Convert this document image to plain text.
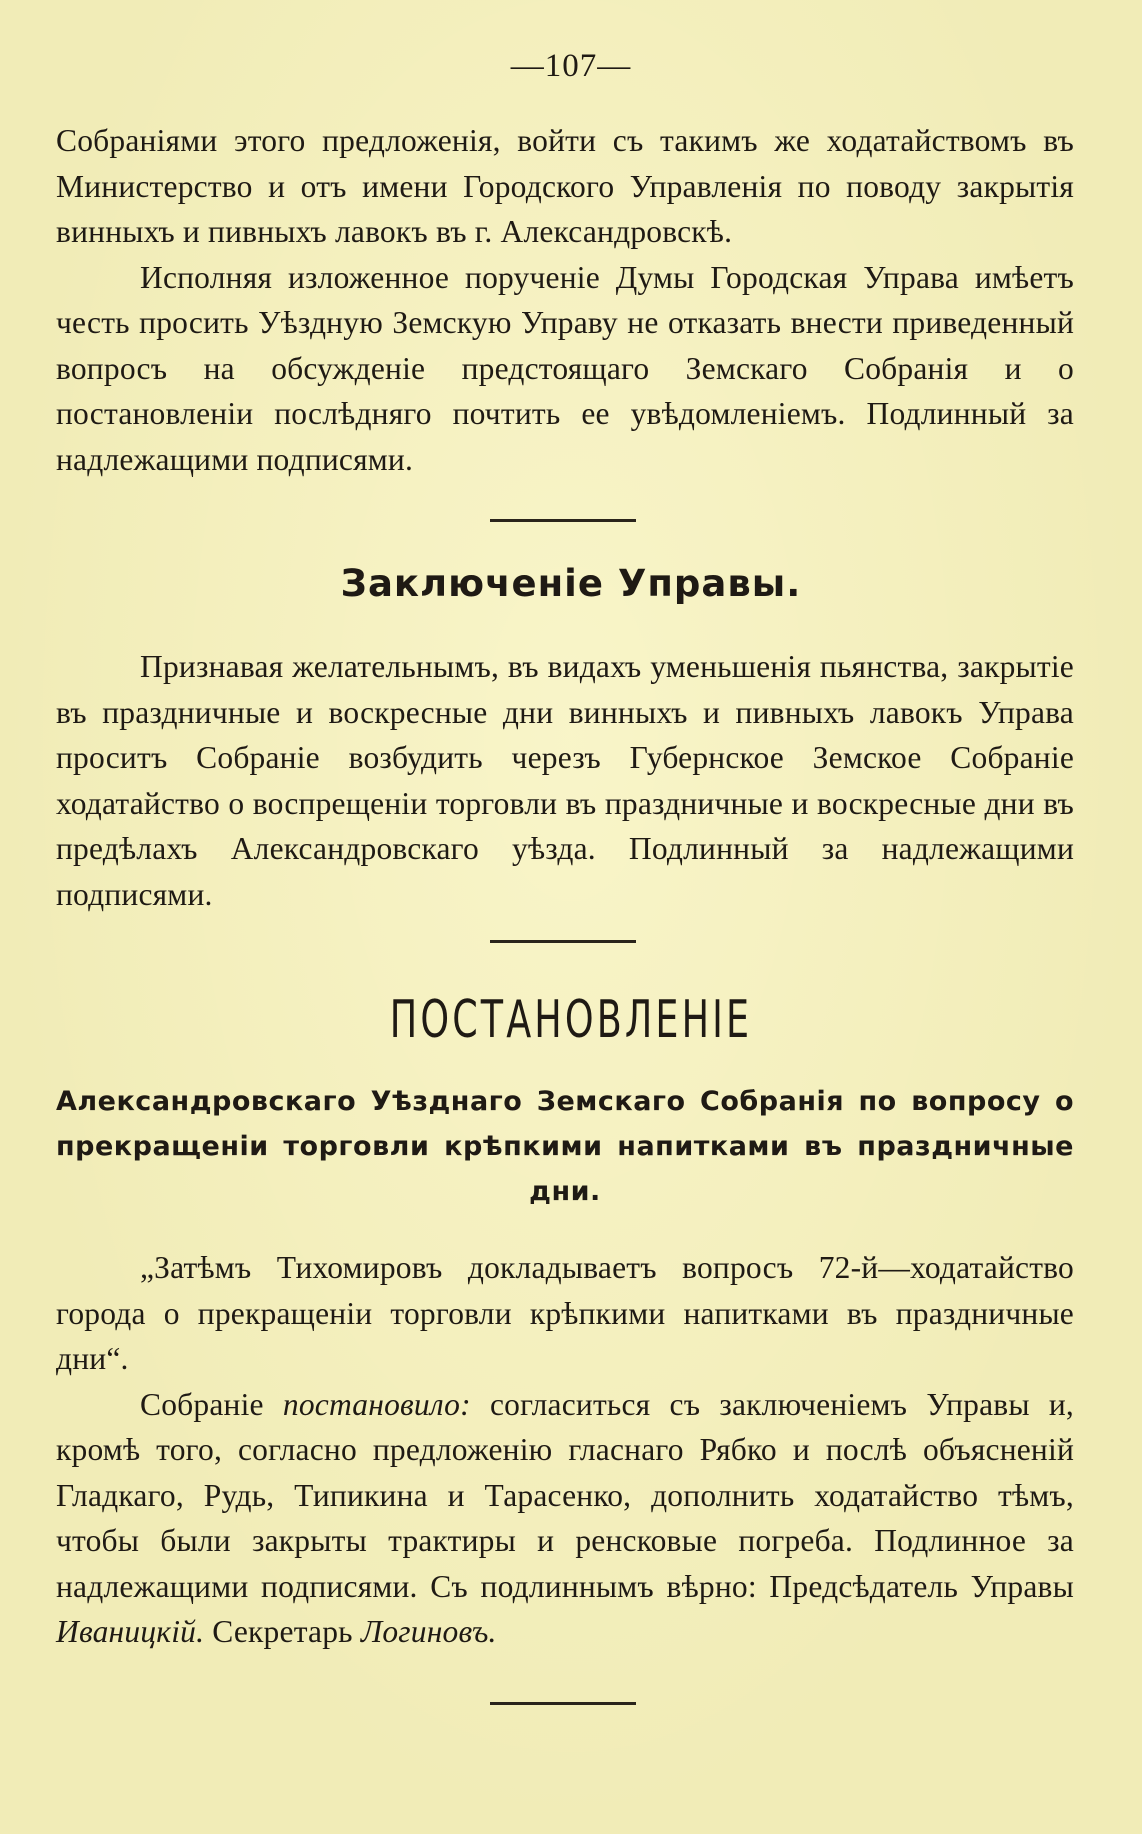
—107—

Собраніями этого предложенія, войти съ такимъ же ходатайствомъ въ Министерство и отъ имени Городского Управленія по поводу закрытія винныхъ и пивныхъ лавокъ въ г. Александровскѣ.

Исполняя изложенное порученіе Думы Городская Управа имѣетъ честь просить Уѣздную Земскую Управу не отказать внести приведенный вопросъ на обсужденіе предстоящаго Земскаго Собранія и о постановленіи послѣдняго почтить ее увѣдомленіемъ. Подлинный за надлежащими подписями.

Заключеніе Управы.

Признавая желательнымъ, въ видахъ уменьшенія пьянства, закрытіе въ праздничные и воскресные дни винныхъ и пивныхъ лавокъ Управа проситъ Собраніе возбудить черезъ Губернское Земское Собраніе ходатайство о воспрещеніи торговли въ праздничные и воскресные дни въ предѣлахъ Александровскаго уѣзда. Подлинный за надлежащими подписями.

ПОСТАНОВЛЕНІЕ
Александровскаго Уѣзднаго Земскаго Собранія по вопросу о прекращеніи торговли крѣпкими напитками въ праздничные дни.

„Затѣмъ Тихомировъ докладываетъ вопросъ 72-й—ходатайство города о прекращеніи торговли крѣпкими напитками въ праздничные дни“.

Собраніе постановило: согласиться съ заключеніемъ Управы и, кромѣ того, согласно предложенію гласнаго Рябко и послѣ объясненій Гладкаго, Рудь, Типикина и Тарасенко, дополнить ходатайство тѣмъ, чтобы были закрыты трактиры и ренсковые погреба. Подлинное за надлежащими подписями. Съ подлиннымъ вѣрно: Предсѣдатель Управы Иваницкій. Секретарь Логиновъ.
